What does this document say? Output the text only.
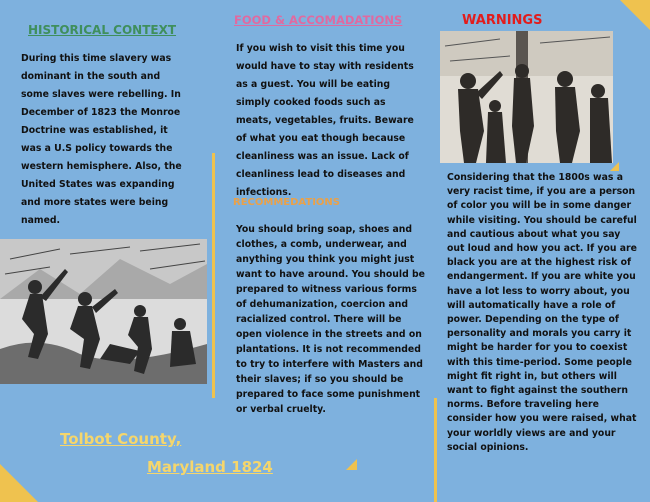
HISTORICAL CONTEXT
During this time slavery was dominant in the south and some slaves were rebelling. In December of 1823 the Monroe Doctrine was established, it was a U.S policy towards the western hemisphere. Also, the United States was expanding and more states were being named.
Tolbot County,
Maryland 1824
FOOD & ACCOMADATIONS
If you wish to visit this time you would have to stay with residents as a guest. You will be eating simply cooked foods such as meats, vegetables, fruits. Beware of what you eat though because cleanliness was an issue. Lack of cleanliness lead to diseases and infections.
RECOMMEDATIONS
You should bring soap, shoes and clothes, a comb, underwear, and anything you think you might just want to have around. You should be prepared to witness various forms of dehumanization, coercion and racialized control. There will be open violence in the streets and on plantations. It is not recommended to try to interfere with Masters and their slaves; if so you should be prepared to face some punishment or verbal cruelty.
WARNINGS
Considering that the 1800s was a very racist time, if you are a person of color you will be in some danger while visiting. You should be careful and cautious about what you say out loud and how you act. If you are black you are at the highest risk of endangerment. If you are white you have a lot less to worry about, you will automatically have a role of power. Depending on the type of personality and morals you carry it might be harder for you to coexist with this time-period. Some people might fit right in, but others will want to fight against the southern norms. Before traveling here consider how you were raised, what your worldly views are and your social opinions.
